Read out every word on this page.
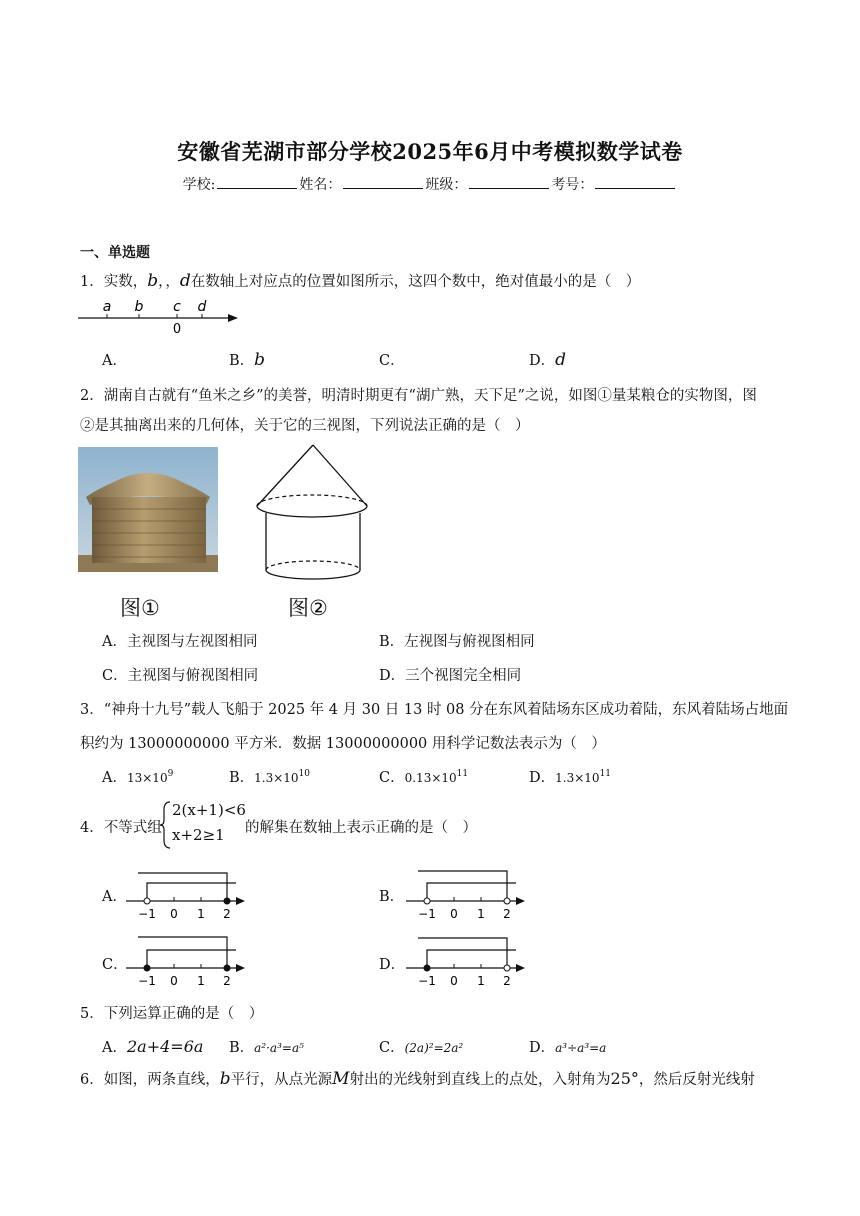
安徽省芜湖市部分学校2025年6月中考模拟数学试卷
学校:	姓名：	班级：	考号：
一、单选题
1．实数，b，，d在数轴上对应点的位置如图所示，这四个数中，绝对值最小的是（　）
a b c d
0
A．	B．b	C．	D．d
2．湖南自古就有“鱼米之乡”的美誉，明清时期更有“湖广熟，天下足”之说，如图①量某粮仓的实物图，图
②是其抽离出来的几何体，关于它的三视图，下列说法正确的是（　）
图①	图②
A．主视图与左视图相同	B．左视图与俯视图相同
C．主视图与俯视图相同	D．三个视图完全相同
3．“神舟十九号”载人飞船于 2025 年 4 月 30 日 13 时 08 分在东风着陆场东区成功着陆，东风着陆场占地面
积约为 13000000000 平方米．数据 13000000000 用科学记数法表示为（　）
A．$13\times 10^9$	B．$1.3\times 10^{10}$	C．$0.13\times 10^{11}$	D．$1.3\times 10^{11}$
4．不等式组
2(x+1)<6
x+2≥1 的解集在数轴上表示正确的是（　）
A．
−1 0 1 2
B．
−1 0 1 2
C．
−1 0 1 2
D．
−1 0 1 2
5．下列运算正确的是（　）
A．2a+4=6a B．a²·a³=a⁵	C．(2a)²=2a²	D．a³÷a³=a
6．如图，两条直线，b平行，从点光源M射出的光线射到直线上的点处，入射角为25°，然后反射光线射
